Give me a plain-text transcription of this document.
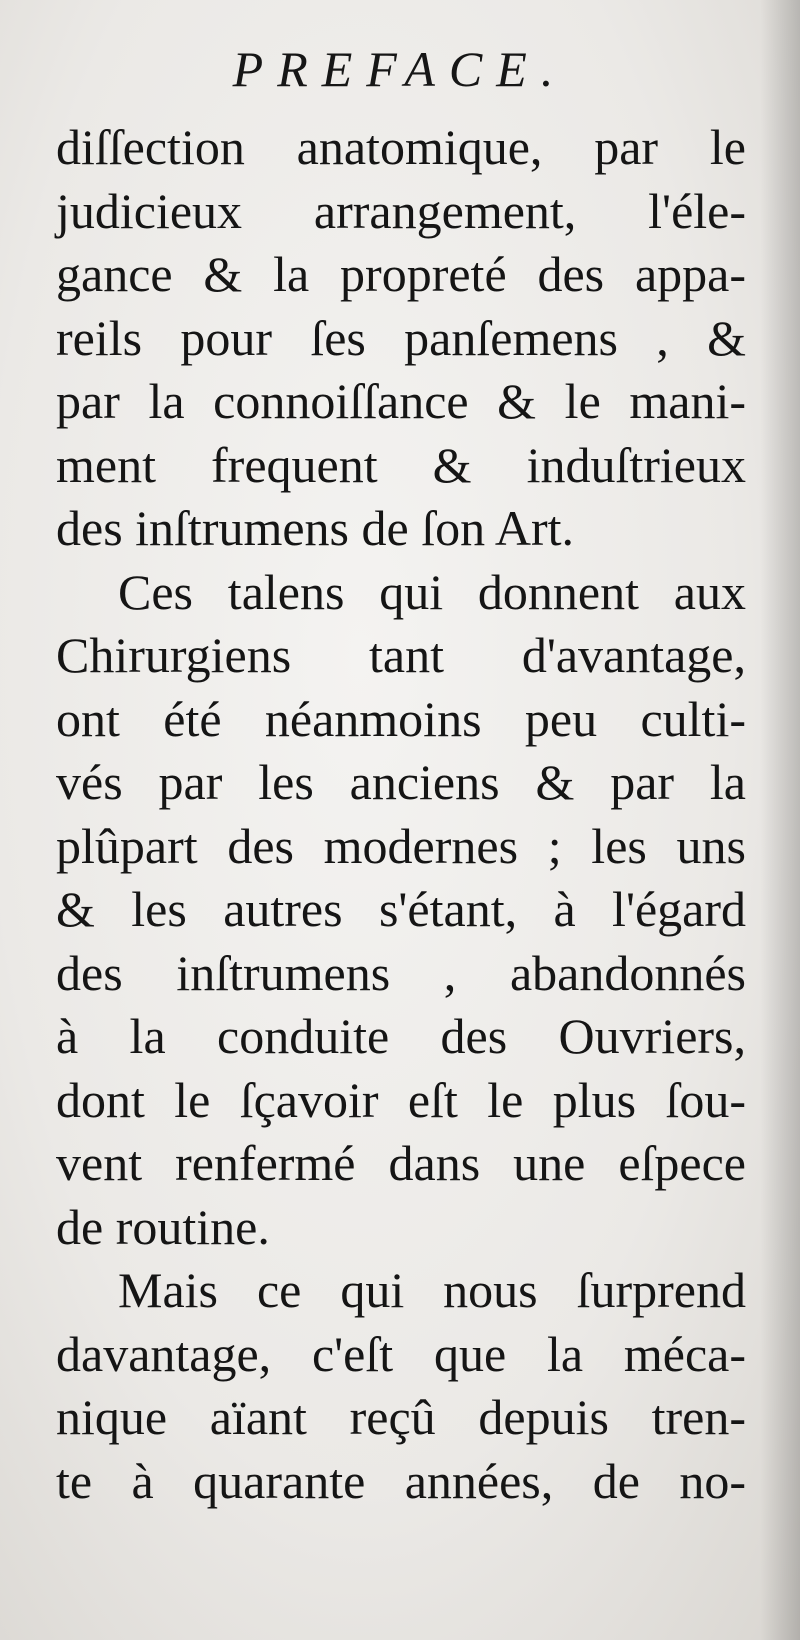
PREFACE.
diſſection anatomique, par le
judicieux arrangement, l'éle-
gance & la propreté des appa-
reils pour ſes panſemens , &
par la connoiſſance & le mani-
ment frequent & induſtrieux
des inſtrumens de ſon Art.
Ces talens qui donnent aux
Chirurgiens tant d'avantage,
ont été néanmoins peu culti-
vés par les anciens & par la
plûpart des modernes ; les uns
& les autres s'étant, à l'égard
des inſtrumens , abandonnés
à la conduite des Ouvriers,
dont le ſçavoir eſt le plus ſou-
vent renfermé dans une eſpece
de routine.
Mais ce qui nous ſurprend
davantage, c'eſt que la méca-
nique aïant reçû depuis tren-
te à quarante années, de no-
